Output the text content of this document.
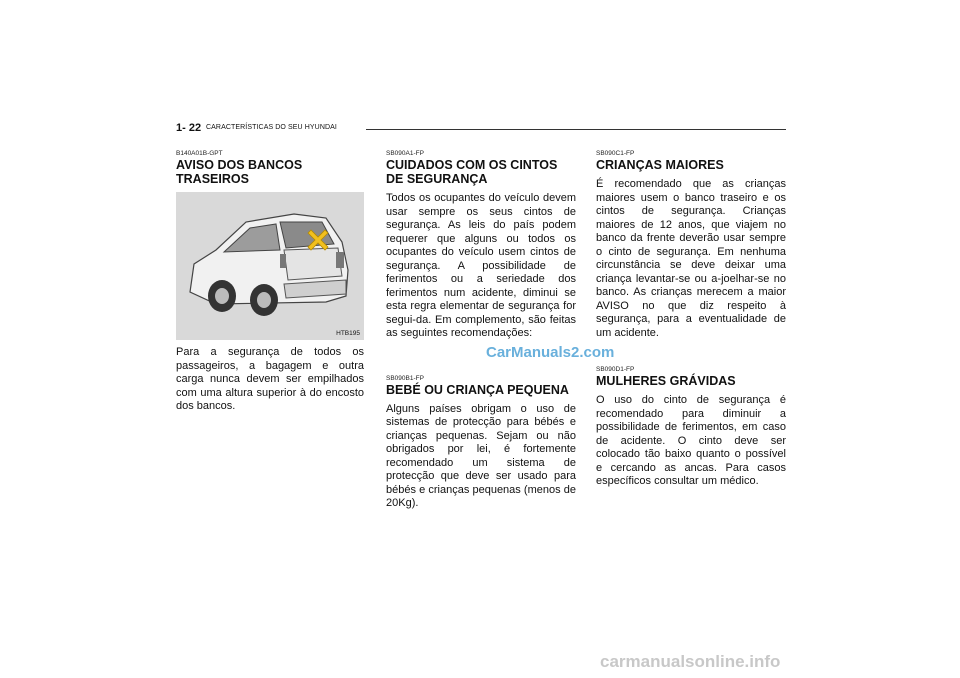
1- 22 CARACTERÍSTICAS DO SEU HYUNDAI

B140A01B-GPT

AVISO DOS BANCOS TRASEIROS

HTB195

Para a segurança de todos os passageiros, a bagagem e outra carga nunca devem ser empilhados com uma altura superior à do encosto dos bancos.

SB090A1-FP

CUIDADOS COM OS CINTOS DE SEGURANÇA

Todos os ocupantes do veículo devem usar sempre os seus cintos de segurança. As leis do país podem requerer que alguns ou todos os ocupantes do veículo usem cintos de segurança. A possibilidade de ferimentos ou a seriedade dos ferimentos num acidente, diminui se esta regra elementar de segurança for segui-da. Em complemento, são feitas as seguintes recomendações:

SB090B1-FP

BEBÉ OU CRIANÇA PEQUENA

Alguns países obrigam o uso de sistemas de protecção para bébés e crianças pequenas. Sejam ou não obrigados por lei, é fortemente recomendado um sistema de protecção que deve ser usado para bébés e crianças pequenas (menos de 20Kg).

SB090C1-FP

CRIANÇAS MAIORES

É recomendado que as crianças maiores usem o banco traseiro e os cintos de segurança. Crianças maiores de 12 anos, que viajem no banco da frente deverão usar sempre o cinto de segurança. Em nenhuma circunstância se deve deixar uma criança levantar-se ou a-joelhar-se no banco. As crianças merecem a maior AVISO no que diz respeito à segurança, para a eventualidade de um acidente.

SB090D1-FP

MULHERES GRÁVIDAS

O uso do cinto de segurança é recomendado para diminuir a possibilidade de ferimentos, em caso de acidente. O cinto deve ser colocado tão baixo quanto o possível e cercando as ancas. Para casos específicos consultar um médico.

CarManuals2.com
carmanualsonline.info
